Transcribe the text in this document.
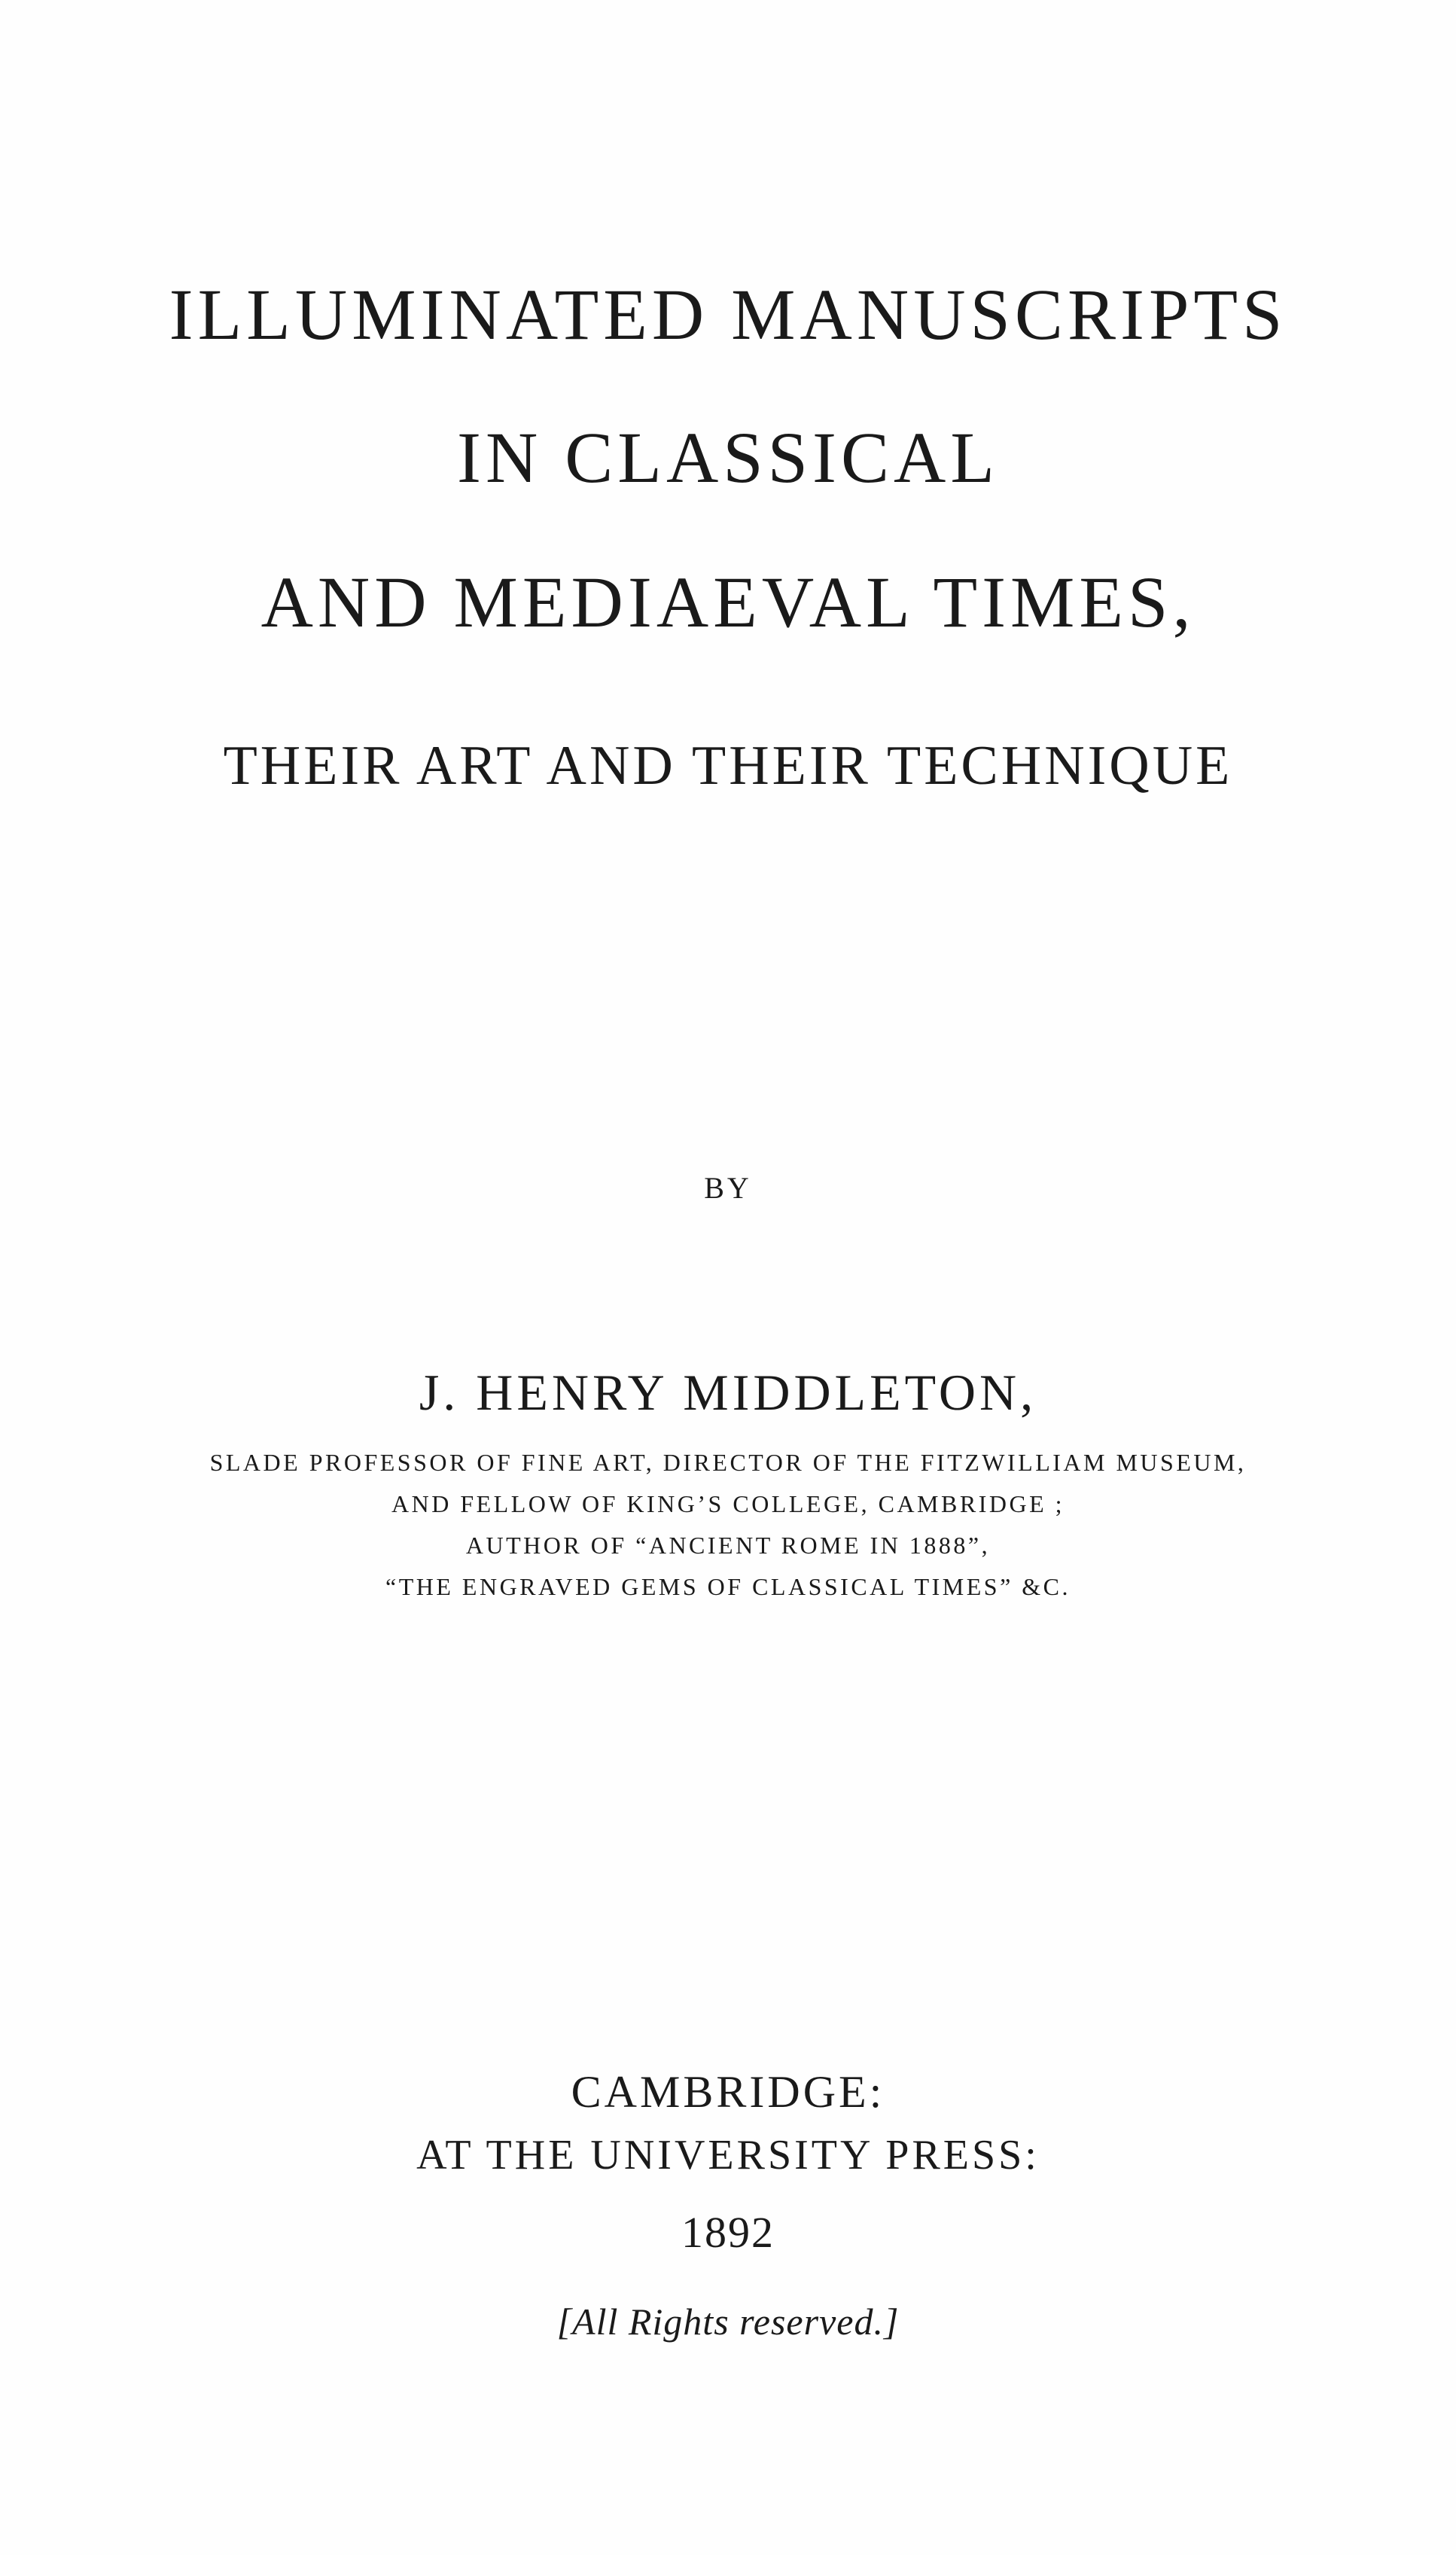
ILLUMINATED MANUSCRIPTS
IN CLASSICAL
AND MEDIAEVAL TIMES,
THEIR ART AND THEIR TECHNIQUE

BY

J. HENRY MIDDLETON,

SLADE PROFESSOR OF FINE ART, DIRECTOR OF THE FITZWILLIAM MUSEUM,

AND FELLOW OF KING’S COLLEGE, CAMBRIDGE ;

AUTHOR OF “ANCIENT ROME IN 1888”,

“THE ENGRAVED GEMS OF CLASSICAL TIMES” &C.

CAMBRIDGE:

AT THE UNIVERSITY PRESS:

1892

[All Rights reserved.]
